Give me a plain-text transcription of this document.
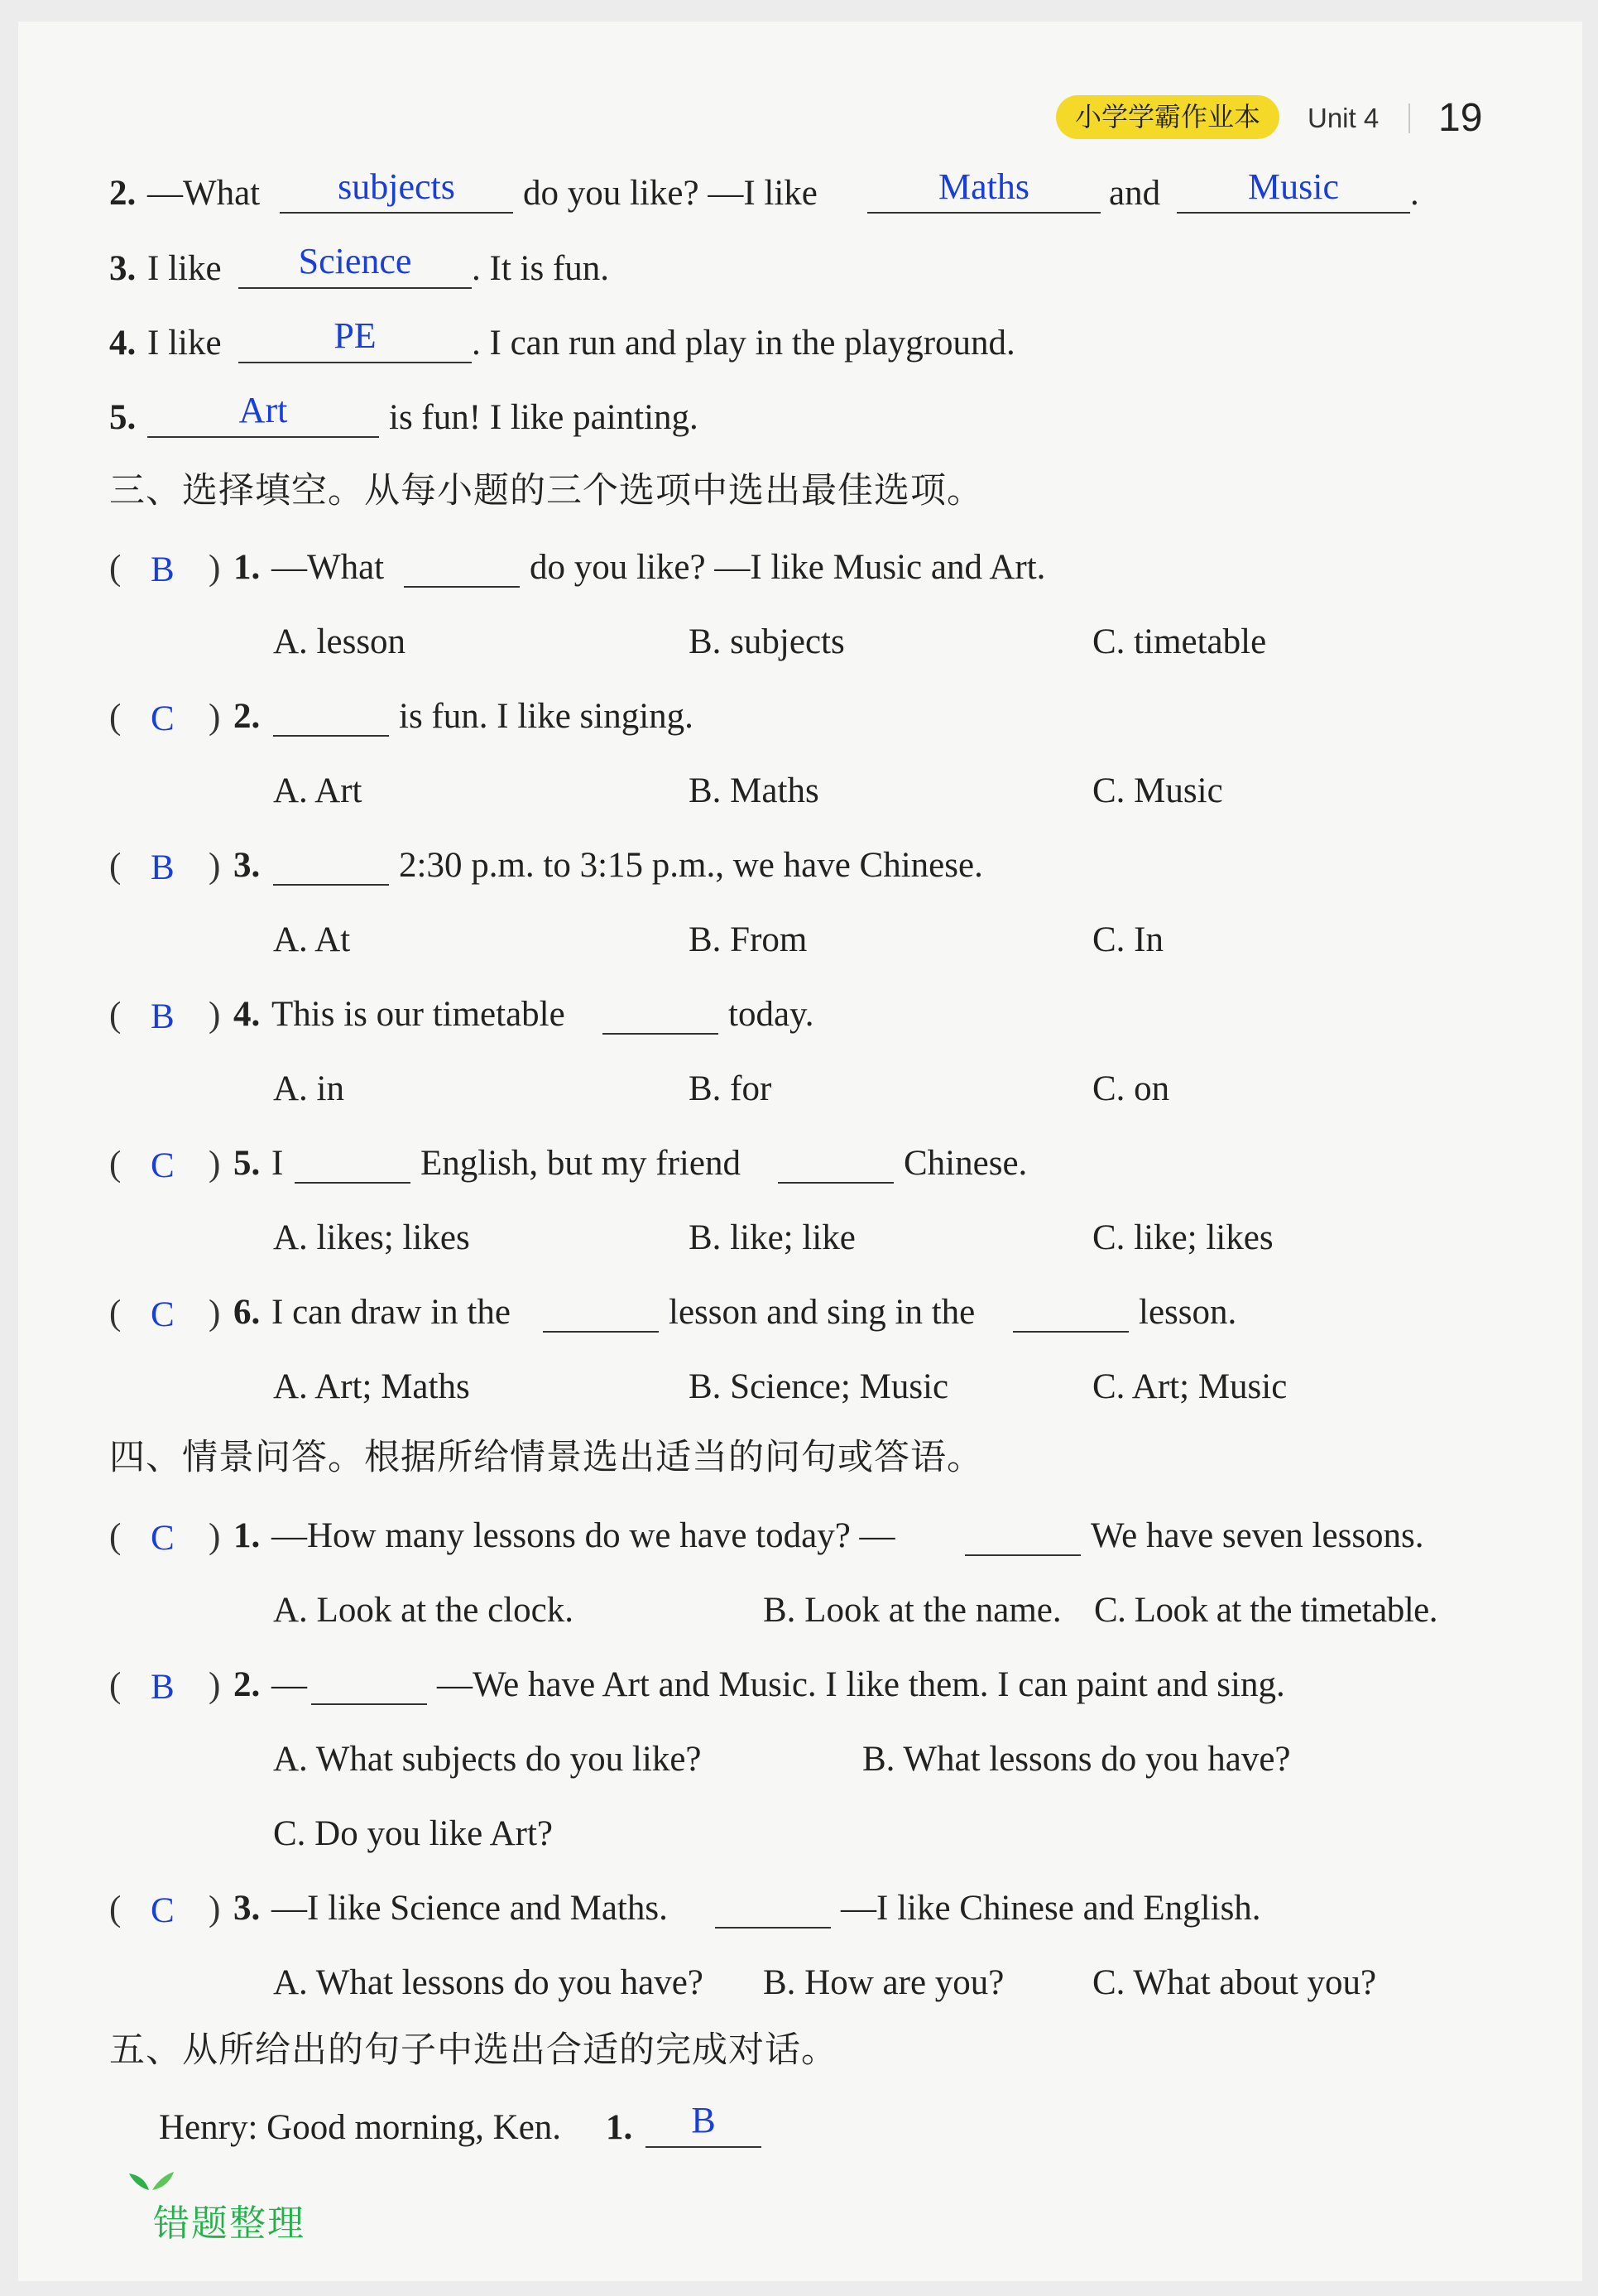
小学学霸作业本	Unit 4 19
2. —What	subjects	do you like? —I like	Maths	and	Music	.
3. I like	Science	. It is fun.
4. I like	PE	. I can run and play in the playground.
5.	Art	is fun! I like painting.
三、选择填空。从每小题的三个选项中选出最佳选项。
( B ) 1. —What	do you like? —I like Music and Art.
A. lesson	B. subjects	C. timetable
( C ) 2.	is fun. I like singing.
A. Art	B. Maths	C. Music
( B ) 3.	2:30 p.m. to 3:15 p.m., we have Chinese.
A. At	B. From	C. In
( B ) 4. This is our timetable	today.
A. in	B. for	C. on
( C ) 5. I	English, but my friend	Chinese.
A. likes; likes	B. like; like	C. like; likes
( C ) 6. I can draw in the	lesson and sing in the	lesson.
A. Art; Maths	B. Science; Music	C. Art; Music
四、情景问答。根据所给情景选出适当的问句或答语。
( C ) 1. —How many lessons do we have today? —	We have seven lessons.
A. Look at the clock.	B. Look at the name. C. Look at the timetable.
( B ) 2. —	—We have Art and Music. I like them. I can paint and sing.
A. What subjects do you like?	B. What lessons do you have?
C. Do you like Art?
( C ) 3. —I like Science and Maths.	—I like Chinese and English.
A. What lessons do you have? B. How are you? C. What about you?
五、从所给出的句子中选出合适的完成对话。
Henry: Good morning, Ken. 1.	B
错题整理
